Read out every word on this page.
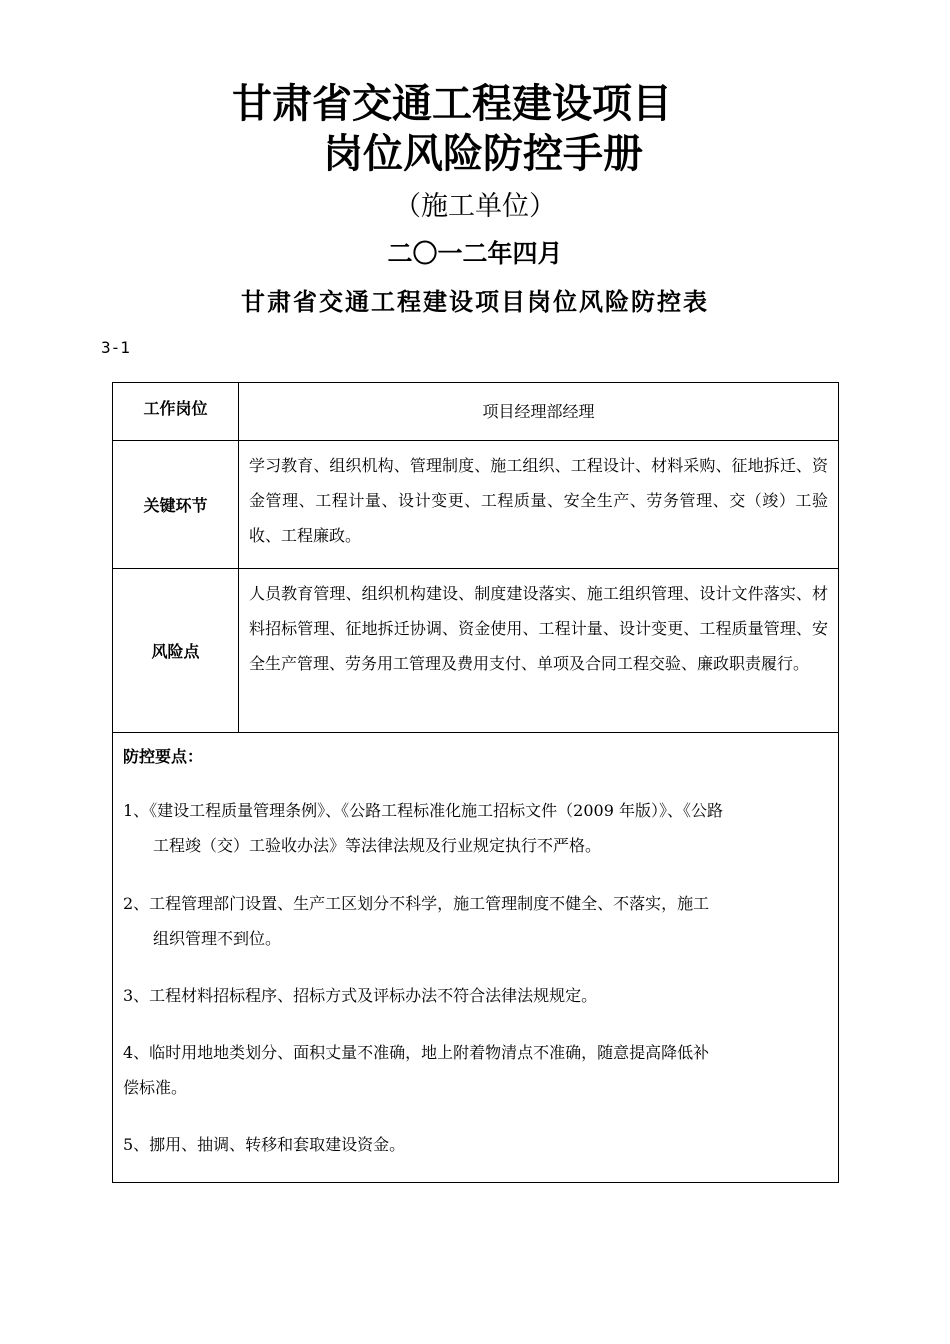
甘肃省交通工程建设项目
岗位风险防控手册
（施工单位）
二〇一二年四月
甘肃省交通工程建设项目岗位风险防控表
3-1
工作岗位	项目经理部经理
关键环节
学习教育、组织机构、管理制度、施工组织、工程设计、材料采购、征地拆迁、资金管理、工程计量、设计变更、工程质量、安全生产、劳务管理、交（竣）工验收、工程廉政。
风险点
人员教育管理、组织机构建设、制度建设落实、施工组织管理、设计文件落实、材料招标管理、征地拆迁协调、资金使用、工程计量、设计变更、工程质量管理、安全生产管理、劳务用工管理及费用支付、单项及合同工程交验、廉政职责履行。
防控要点：
1、《建设工程质量管理条例》、《公路工程标准化施工招标文件（2009 年版）》、《公路
工程竣（交）工验收办法》等法律法规及行业规定执行不严格。
2、工程管理部门设置、生产工区划分不科学，施工管理制度不健全、不落实，施工
组织管理不到位。
3、工程材料招标程序、招标方式及评标办法不符合法律法规规定。
4、临时用地地类划分、面积丈量不准确，地上附着物清点不准确，随意提高降低补
偿标准。
5、挪用、抽调、转移和套取建设资金。
